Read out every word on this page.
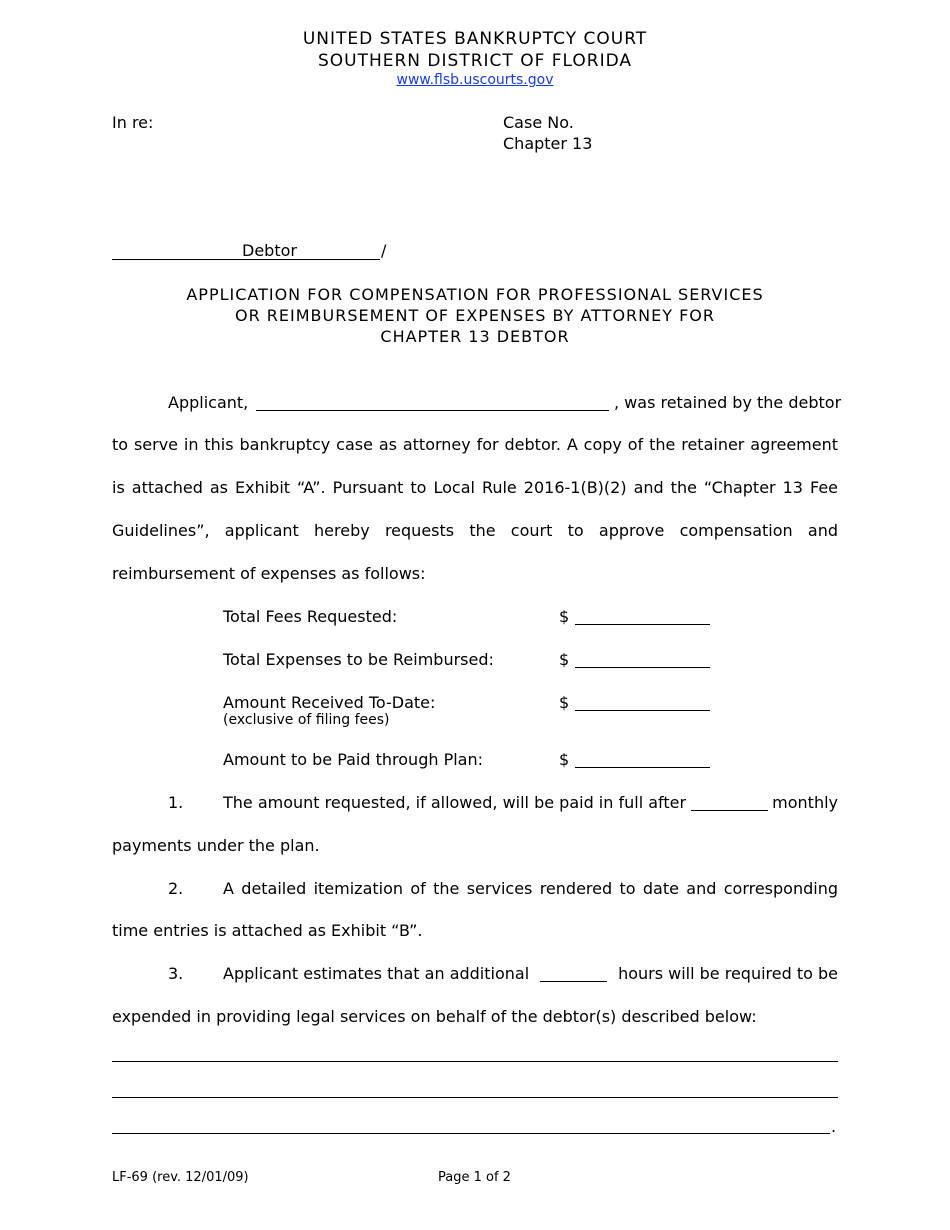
UNITED STATES BANKRUPTCY COURT
SOUTHERN DISTRICT OF FLORIDA
www.flsb.uscourts.gov
In re:	Case No.
Chapter 13
Debtor	/
APPLICATION FOR COMPENSATION FOR PROFESSIONAL SERVICES
OR REIMBURSEMENT OF EXPENSES BY ATTORNEY FOR
CHAPTER 13 DEBTOR
Applicant,	, was retained by the debtor
to serve in this bankruptcy case as attorney for debtor. A copy of the retainer agreement
is attached as Exhibit “A”. Pursuant to Local Rule 2016-1(B)(2) and the “Chapter 13 Fee
Guidelines”, applicant hereby requests the court to approve compensation and
reimbursement of expenses as follows:
Total Fees Requested:	$
Total Expenses to be Reimbursed:	$
Amount Received To-Date:
(exclusive of filing fees)
$
Amount to be Paid through Plan:	$
1. The amount requested, if allowed, will be paid in full after	monthly
payments under the plan.
2. A detailed itemization of the services rendered to date and corresponding
time entries is attached as Exhibit “B”.
3. Applicant estimates that an additional	hours will be required to be
expended in providing legal services on behalf of the debtor(s) described below:
.
LF-69 (rev. 12/01/09)	Page 1 of 2
